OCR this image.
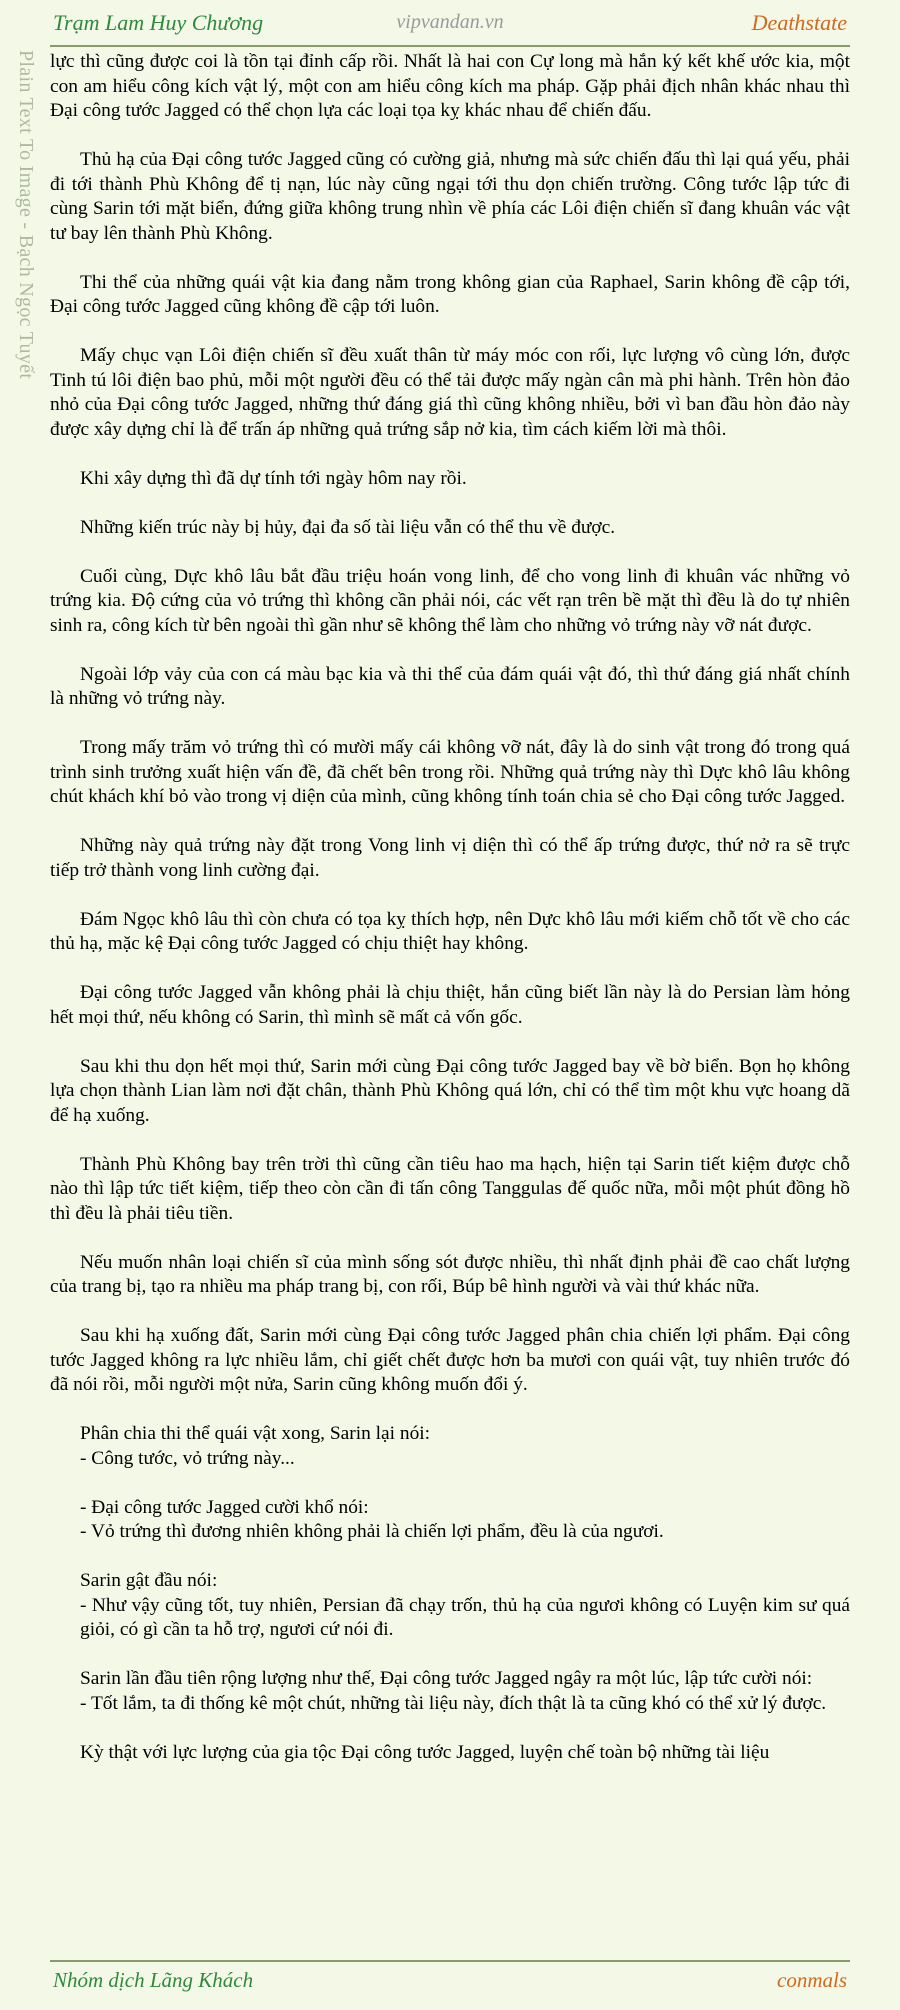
Trạm Lam Huy Chương	vipvandan.vn	Deathstate
Plain Text To Image - Bạch Ngọc Tuyết lực thì cũng được coi là tồn tại đỉnh cấp rồi. Nhất là hai con Cự long mà hắn ký kết khế ước kia, một con am hiểu công kích vật lý, một con am hiểu công kích ma pháp. Gặp phải địch nhân khác nhau thì Đại công tước Jagged có thể chọn lựa các loại tọa kỵ khác nhau để chiến đấu.

Thủ hạ của Đại công tước Jagged cũng có cường giả, nhưng mà sức chiến đấu thì lại quá yếu, phải đi tới thành Phù Không để tị nạn, lúc này cũng ngại tới thu dọn chiến trường. Công tước lập tức đi cùng Sarin tới mặt biển, đứng giữa không trung nhìn về phía các Lôi điện chiến sĩ đang khuân vác vật tư bay lên thành Phù Không.

Thi thể của những quái vật kia đang nằm trong không gian của Raphael, Sarin không đề cập tới, Đại công tước Jagged cũng không đề cập tới luôn.

Mấy chục vạn Lôi điện chiến sĩ đều xuất thân từ máy móc con rối, lực lượng vô cùng lớn, được Tinh tú lôi điện bao phủ, mỗi một người đều có thể tải được mấy ngàn cân mà phi hành. Trên hòn đảo nhỏ của Đại công tước Jagged, những thứ đáng giá thì cũng không nhiều, bởi vì ban đầu hòn đảo này được xây dựng chỉ là để trấn áp những quả trứng sắp nở kia, tìm cách kiếm lời mà thôi.

Khi xây dựng thì đã dự tính tới ngày hôm nay rồi.

Những kiến trúc này bị hủy, đại đa số tài liệu vẫn có thể thu về được.

Cuối cùng, Dực khô lâu bắt đầu triệu hoán vong linh, để cho vong linh đi khuân vác những vỏ trứng kia. Độ cứng của vỏ trứng thì không cần phải nói, các vết rạn trên bề mặt thì đều là do tự nhiên sinh ra, công kích từ bên ngoài thì gần như sẽ không thể làm cho những vỏ trứng này vỡ nát được.

Ngoài lớp vảy của con cá màu bạc kia và thi thể của đám quái vật đó, thì thứ đáng giá nhất chính là những vỏ trứng này.

Trong mấy trăm vỏ trứng thì có mười mấy cái không vỡ nát, đây là do sinh vật trong đó trong quá trình sinh trưởng xuất hiện vấn đề, đã chết bên trong rồi. Những quả trứng này thì Dực khô lâu không chút khách khí bỏ vào trong vị diện của mình, cũng không tính toán chia sẻ cho Đại công tước Jagged.

Những này quả trứng này đặt trong Vong linh vị diện thì có thể ấp trứng được, thứ nở ra sẽ trực tiếp trở thành vong linh cường đại.

Đám Ngọc khô lâu thì còn chưa có tọa kỵ thích hợp, nên Dực khô lâu mới kiếm chỗ tốt về cho các thủ hạ, mặc kệ Đại công tước Jagged có chịu thiệt hay không.

Đại công tước Jagged vẫn không phải là chịu thiệt, hắn cũng biết lần này là do Persian làm hỏng hết mọi thứ, nếu không có Sarin, thì mình sẽ mất cả vốn gốc.

Sau khi thu dọn hết mọi thứ, Sarin mới cùng Đại công tước Jagged bay về bờ biển. Bọn họ không lựa chọn thành Lian làm nơi đặt chân, thành Phù Không quá lớn, chỉ có thể tìm một khu vực hoang dã để hạ xuống.

Thành Phù Không bay trên trời thì cũng cần tiêu hao ma hạch, hiện tại Sarin tiết kiệm được chỗ nào thì lập tức tiết kiệm, tiếp theo còn cần đi tấn công Tanggulas đế quốc nữa, mỗi một phút đồng hồ thì đều là phải tiêu tiền.

Nếu muốn nhân loại chiến sĩ của mình sống sót được nhiều, thì nhất định phải đề cao chất lượng của trang bị, tạo ra nhiều ma pháp trang bị, con rối, Búp bê hình người và vài thứ khác nữa.

Sau khi hạ xuống đất, Sarin mới cùng Đại công tước Jagged phân chia chiến lợi phẩm. Đại công tước Jagged không ra lực nhiều lắm, chỉ giết chết được hơn ba mươi con quái vật, tuy nhiên trước đó đã nói rồi, mỗi người một nửa, Sarin cũng không muốn đổi ý.

Phân chia thi thể quái vật xong, Sarin lại nói:
- Công tước, vỏ trứng này...

- Đại công tước Jagged cười khổ nói:
- Vỏ trứng thì đương nhiên không phải là chiến lợi phẩm, đều là của ngươi.

Sarin gật đầu nói:
- Như vậy cũng tốt, tuy nhiên, Persian đã chạy trốn, thủ hạ của ngươi không có Luyện kim sư quá giỏi, có gì cần ta hỗ trợ, ngươi cứ nói đi.

Sarin lần đầu tiên rộng lượng như thế, Đại công tước Jagged ngây ra một lúc, lập tức cười nói:
- Tốt lắm, ta đi thống kê một chút, những tài liệu này, đích thật là ta cũng khó có thể xử lý được.

Kỳ thật với lực lượng của gia tộc Đại công tước Jagged, luyện chế toàn bộ những tài liệu

Nhóm dịch Lãng Khách	conmals
